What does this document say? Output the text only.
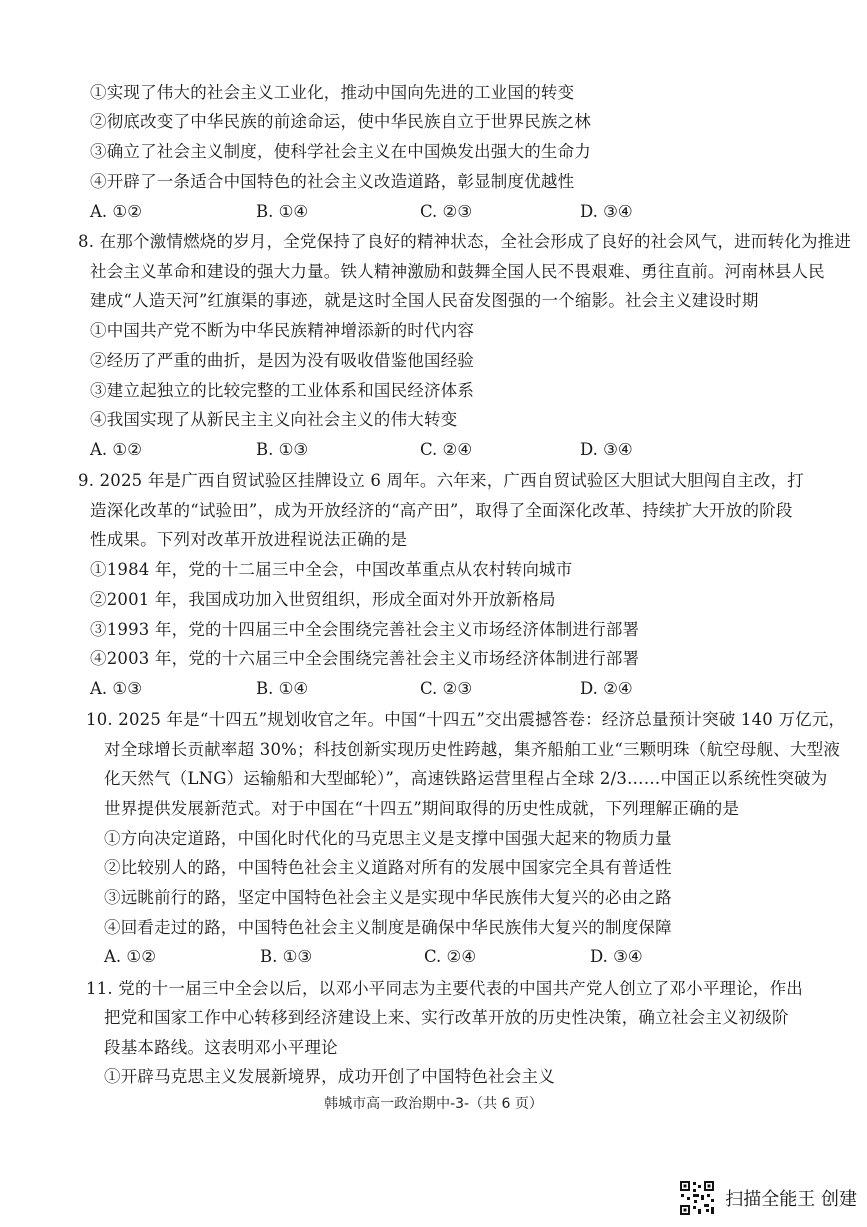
①实现了伟大的社会主义工业化，推动中国向先进的工业国的转变
②彻底改变了中华民族的前途命运，使中华民族自立于世界民族之林
③确立了社会主义制度，使科学社会主义在中国焕发出强大的生命力
④开辟了一条适合中国特色的社会主义改造道路，彰显制度优越性
A. ①②	B. ①④	C. ②③	D. ③④
8. 在那个激情燃烧的岁月，全党保持了良好的精神状态，全社会形成了良好的社会风气，进而转化为推进
社会主义革命和建设的强大力量。铁人精神激励和鼓舞全国人民不畏艰难、勇往直前。河南林县人民
建成“人造天河”红旗渠的事迹，就是这时全国人民奋发图强的一个缩影。社会主义建设时期
①中国共产党不断为中华民族精神增添新的时代内容
②经历了严重的曲折，是因为没有吸收借鉴他国经验
③建立起独立的比较完整的工业体系和国民经济体系
④我国实现了从新民主主义向社会主义的伟大转变
A. ①②	B. ①③	C. ②④	D. ③④
9. 2025 年是广西自贸试验区挂牌设立 6 周年。六年来，广西自贸试验区大胆试大胆闯自主改，打
造深化改革的“试验田”，成为开放经济的“高产田”，取得了全面深化改革、持续扩大开放的阶段
性成果。下列对改革开放进程说法正确的是
①1984 年，党的十二届三中全会，中国改革重点从农村转向城市
②2001 年，我国成功加入世贸组织，形成全面对外开放新格局
③1993 年，党的十四届三中全会围绕完善社会主义市场经济体制进行部署
④2003 年，党的十六届三中全会围绕完善社会主义市场经济体制进行部署
A. ①③	B. ①④	C. ②③	D. ②④
10. 2025 年是“十四五”规划收官之年。中国“十四五”交出震撼答卷：经济总量预计突破 140 万亿元，
对全球增长贡献率超 30%；科技创新实现历史性跨越，集齐船舶工业“三颗明珠（航空母舰、大型液
化天然气（LNG）运输船和大型邮轮）”，高速铁路运营里程占全球 2/3……中国正以系统性突破为
世界提供发展新范式。对于中国在“十四五”期间取得的历史性成就，下列理解正确的是
①方向决定道路，中国化时代化的马克思主义是支撑中国强大起来的物质力量
②比较别人的路，中国特色社会主义道路对所有的发展中国家完全具有普适性
③远眺前行的路，坚定中国特色社会主义是实现中华民族伟大复兴的必由之路
④回看走过的路，中国特色社会主义制度是确保中华民族伟大复兴的制度保障
A. ①②	B. ①③	C. ②④	D. ③④
11. 党的十一届三中全会以后，以邓小平同志为主要代表的中国共产党人创立了邓小平理论，作出
把党和国家工作中心转移到经济建设上来、实行改革开放的历史性决策，确立社会主义初级阶
段基本路线。这表明邓小平理论
①开辟马克思主义发展新境界，成功开创了中国特色社会主义
韩城市高一政治期中-3-（共 6 页）
扫描全能王 创建
